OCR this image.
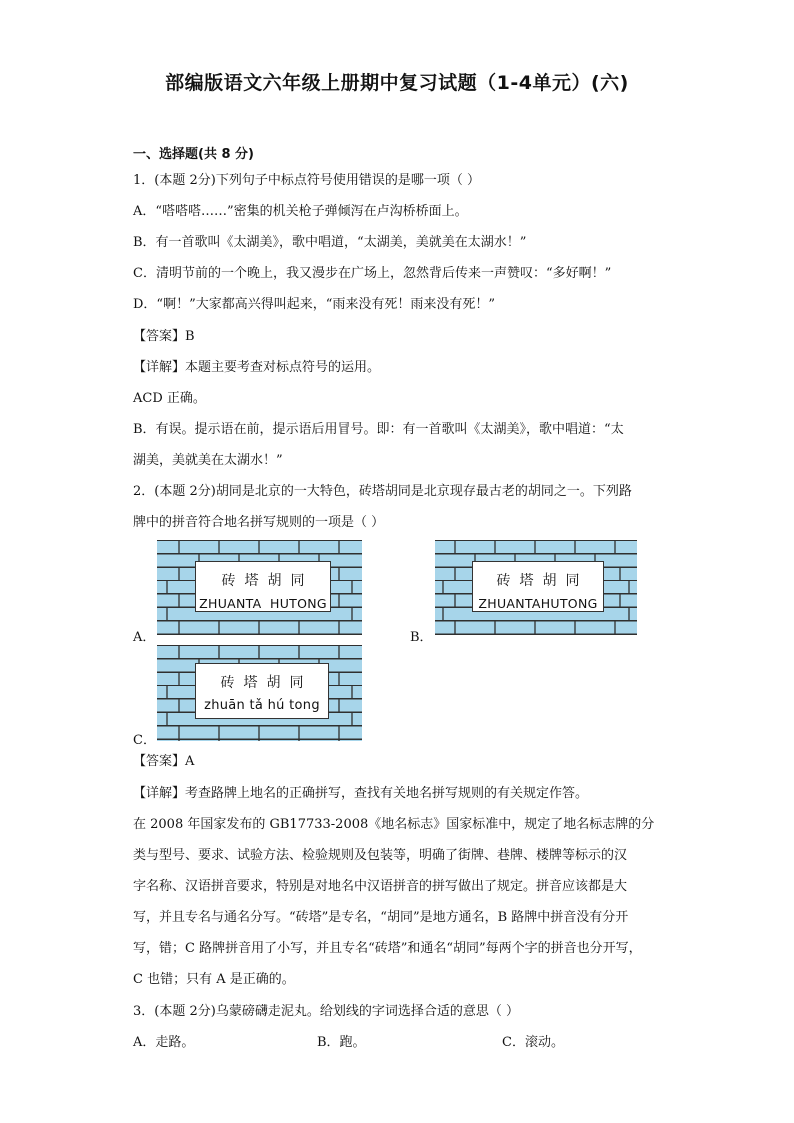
部编版语文六年级上册期中复习试题（1-4单元）(六)
一、选择题(共 8 分)
1．(本题 2分)下列句子中标点符号使用错误的是哪一项（ ）
A．“嗒嗒嗒……”密集的机关枪子弹倾泻在卢沟桥桥面上。
B．有一首歌叫《太湖美》，歌中唱道，“太湖美，美就美在太湖水！”
C．清明节前的一个晚上，我又漫步在广场上，忽然背后传来一声赞叹：“多好啊！”
D．“啊！”大家都高兴得叫起来，“雨来没有死！雨来没有死！”
【答案】B
【详解】本题主要考查对标点符号的运用。
ACD 正确。
B．有误。提示语在前，提示语后用冒号。即：有一首歌叫《太湖美》，歌中唱道：“太
湖美，美就美在太湖水！”
2．(本题 2分)胡同是北京的一大特色，砖塔胡同是北京现存最古老的胡同之一。下列路
牌中的拼音符合地名拼写规则的一项是（ ）
砖塔胡同
ZHUANTA  HUTONG
A．
砖塔胡同
ZHUANTAHUTONG
B．
砖塔胡同
zhuān tǎ hú tong
C．
【答案】A
【详解】考查路牌上地名的正确拼写，查找有关地名拼写规则的有关规定作答。
在 2008 年国家发布的 GB17733-2008《地名标志》国家标准中，规定了地名标志牌的分
类与型号、要求、试验方法、检验规则及包装等，明确了街牌、巷牌、楼牌等标示的汉
字名称、汉语拼音要求，特别是对地名中汉语拼音的拼写做出了规定。拼音应该都是大
写，并且专名与通名分写。“砖塔”是专名，“胡同”是地方通名，B 路牌中拼音没有分开
写，错；C 路牌拼音用了小写，并且专名“砖塔”和通名“胡同”每两个字的拼音也分开写，
C 也错；只有 A 是正确的。
3．(本题 2分)乌蒙磅礴走泥丸。给划线的字词选择合适的意思（ ）
A．走路。	B．跑。	C．滚动。
